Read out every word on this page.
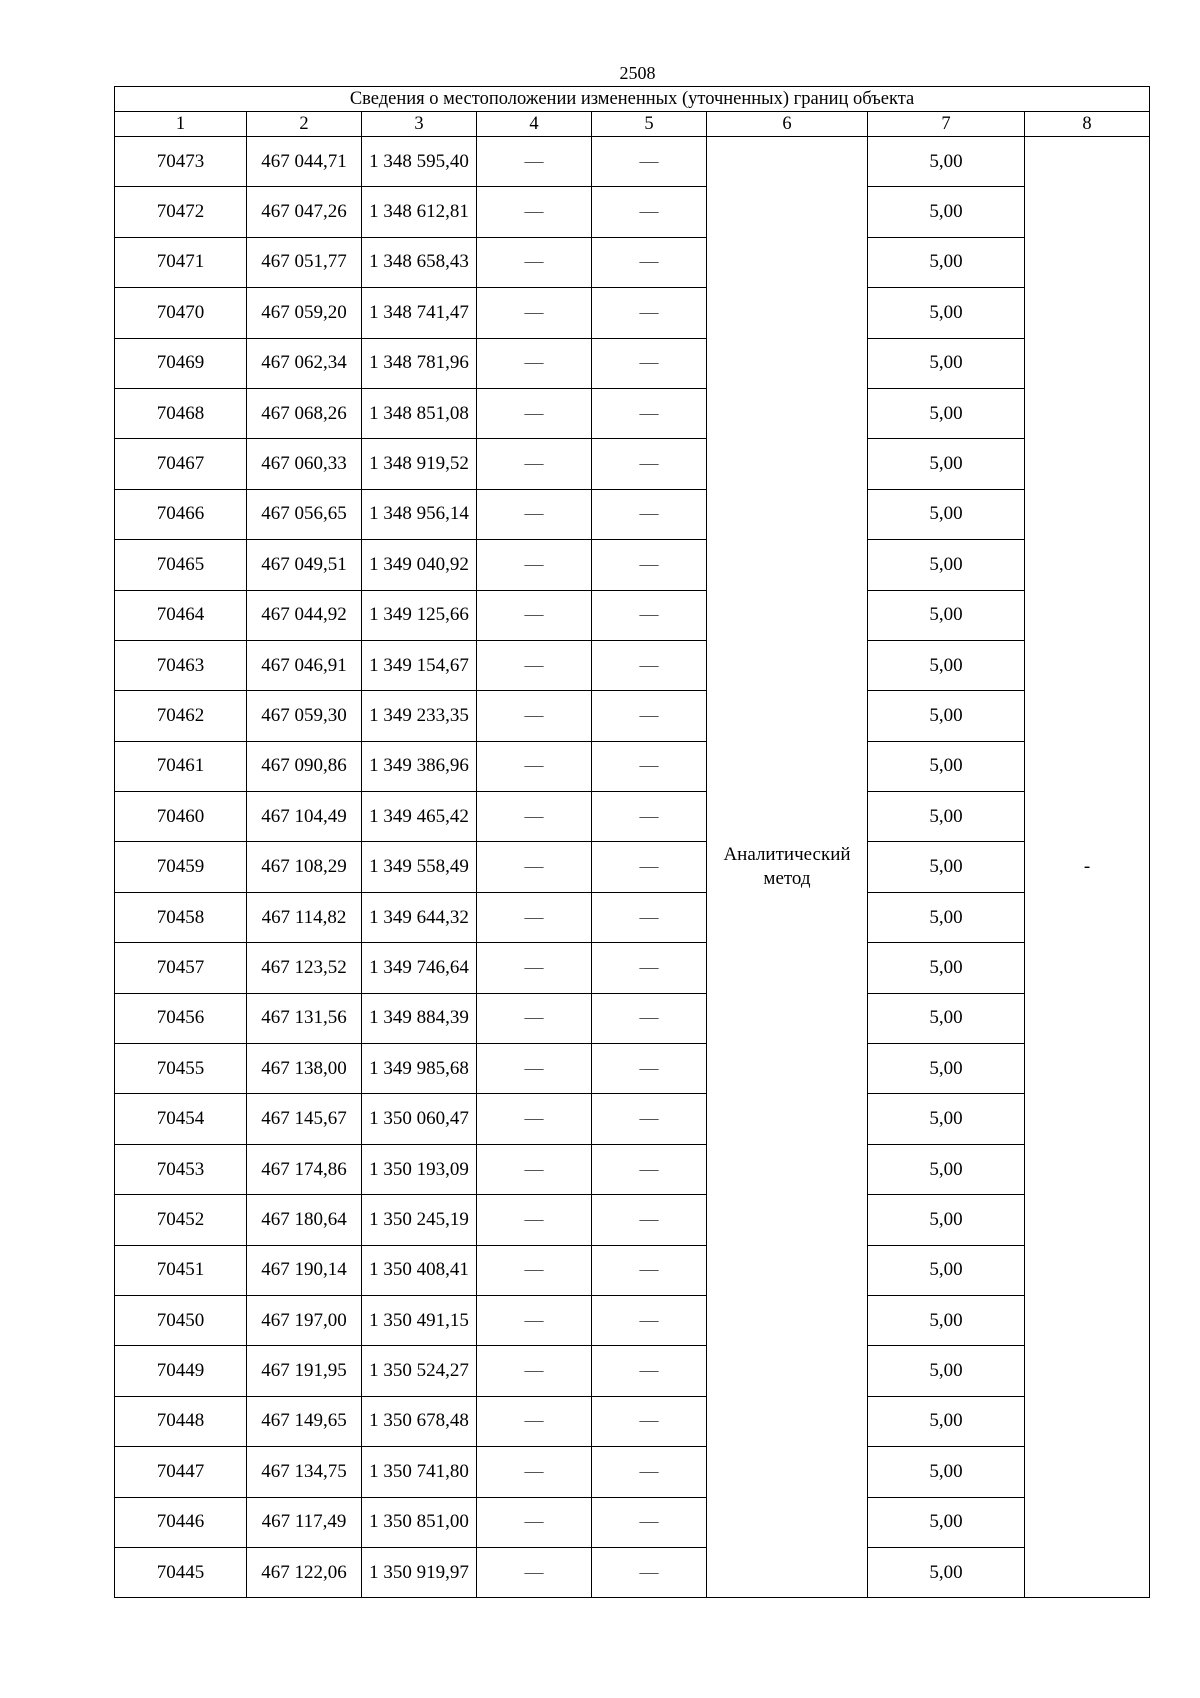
2508
Сведения о местоположении измененных (уточненных) границ объекта							
1	2	3	4	5	6	7	8
70473	467 044,71	1 348 595,40	—	—	Аналитический метод	5,00	-
70472	467 047,26	1 348 612,81	—	—		5,00	
70471	467 051,77	1 348 658,43	—	—		5,00	
70470	467 059,20	1 348 741,47	—	—		5,00	
70469	467 062,34	1 348 781,96	—	—		5,00	
70468	467 068,26	1 348 851,08	—	—		5,00	
70467	467 060,33	1 348 919,52	—	—		5,00	
70466	467 056,65	1 348 956,14	—	—		5,00	
70465	467 049,51	1 349 040,92	—	—		5,00	
70464	467 044,92	1 349 125,66	—	—		5,00	
70463	467 046,91	1 349 154,67	—	—		5,00	
70462	467 059,30	1 349 233,35	—	—		5,00	
70461	467 090,86	1 349 386,96	—	—		5,00	
70460	467 104,49	1 349 465,42	—	—		5,00	
70459	467 108,29	1 349 558,49	—	—		5,00	
70458	467 114,82	1 349 644,32	—	—		5,00	
70457	467 123,52	1 349 746,64	—	—		5,00	
70456	467 131,56	1 349 884,39	—	—		5,00	
70455	467 138,00	1 349 985,68	—	—		5,00	
70454	467 145,67	1 350 060,47	—	—		5,00	
70453	467 174,86	1 350 193,09	—	—		5,00	
70452	467 180,64	1 350 245,19	—	—		5,00	
70451	467 190,14	1 350 408,41	—	—		5,00	
70450	467 197,00	1 350 491,15	—	—		5,00	
70449	467 191,95	1 350 524,27	—	—		5,00	
70448	467 149,65	1 350 678,48	—	—		5,00	
70447	467 134,75	1 350 741,80	—	—		5,00	
70446	467 117,49	1 350 851,00	—	—		5,00	
70445	467 122,06	1 350 919,97	—	—		5,00	
